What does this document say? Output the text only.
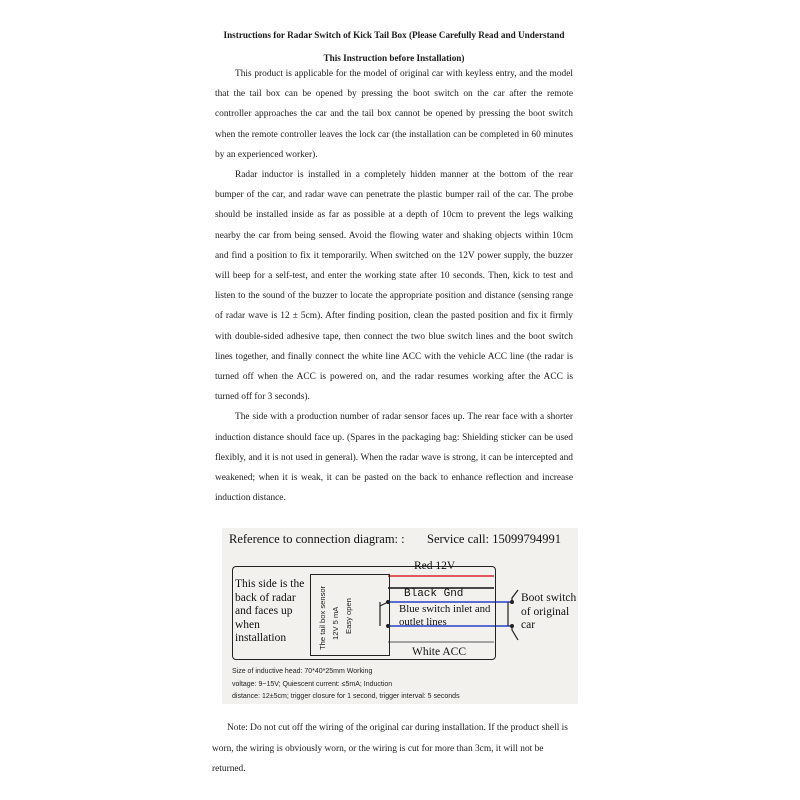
Instructions for Radar Switch of Kick Tail Box (Please Carefully Read and Understand
This Instruction before Installation)

This product is applicable for the model of original car with keyless entry, and the model that the tail box can be opened by pressing the boot switch on the car after the remote controller approaches the car and the tail box cannot be opened by pressing the boot switch when the remote controller leaves the lock car (the installation can be completed in 60 minutes by an experienced worker).

Radar inductor is installed in a completely hidden manner at the bottom of the rear bumper of the car, and radar wave can penetrate the plastic bumper rail of the car. The probe should be installed inside as far as possible at a depth of 10cm to prevent the legs walking nearby the car from being sensed. Avoid the flowing water and shaking objects within 10cm and find a position to fix it temporarily. When switched on the 12V power supply, the buzzer will beep for a self-test, and enter the working state after 10 seconds. Then, kick to test and listen to the sound of the buzzer to locate the appropriate position and distance (sensing range of radar wave is 12 ± 5cm). After finding position, clean the pasted position and fix it firmly with double-sided adhesive tape, then connect the two blue switch lines and the boot switch lines together, and finally connect the white line ACC with the vehicle ACC line (the radar is turned off when the ACC is powered on, and the radar resumes working after the ACC is turned off for 3 seconds).

The side with a production number of radar sensor faces up. The rear face with a shorter induction distance should face up. (Spares in the packaging bag: Shielding sticker can be used flexibly, and it is not used in general). When the radar wave is strong, it can be intercepted and weakened; when it is weak, it can be pasted on the back to enhance reflection and increase induction distance.

Reference to connection diagram: : Service call: 15099794991
This side is the back of radar and faces up when installation	The tail box sensor 12V 5 mA Easy open
Red 12V
Black Gnd
Blue switch inlet and outlet lines
White ACC
Boot switch of original car
Size of inductive head: 70*40*25mm Working
voltage: 9~15V; Quiescent current: ≤5mA; Induction
distance: 12±5cm; trigger closure for 1 second, trigger interval: 5 seconds

Note: Do not cut off the wiring of the original car during installation. If the product shell is worn, the wiring is obviously worn, or the wiring is cut for more than 3cm, it will not be returned.
